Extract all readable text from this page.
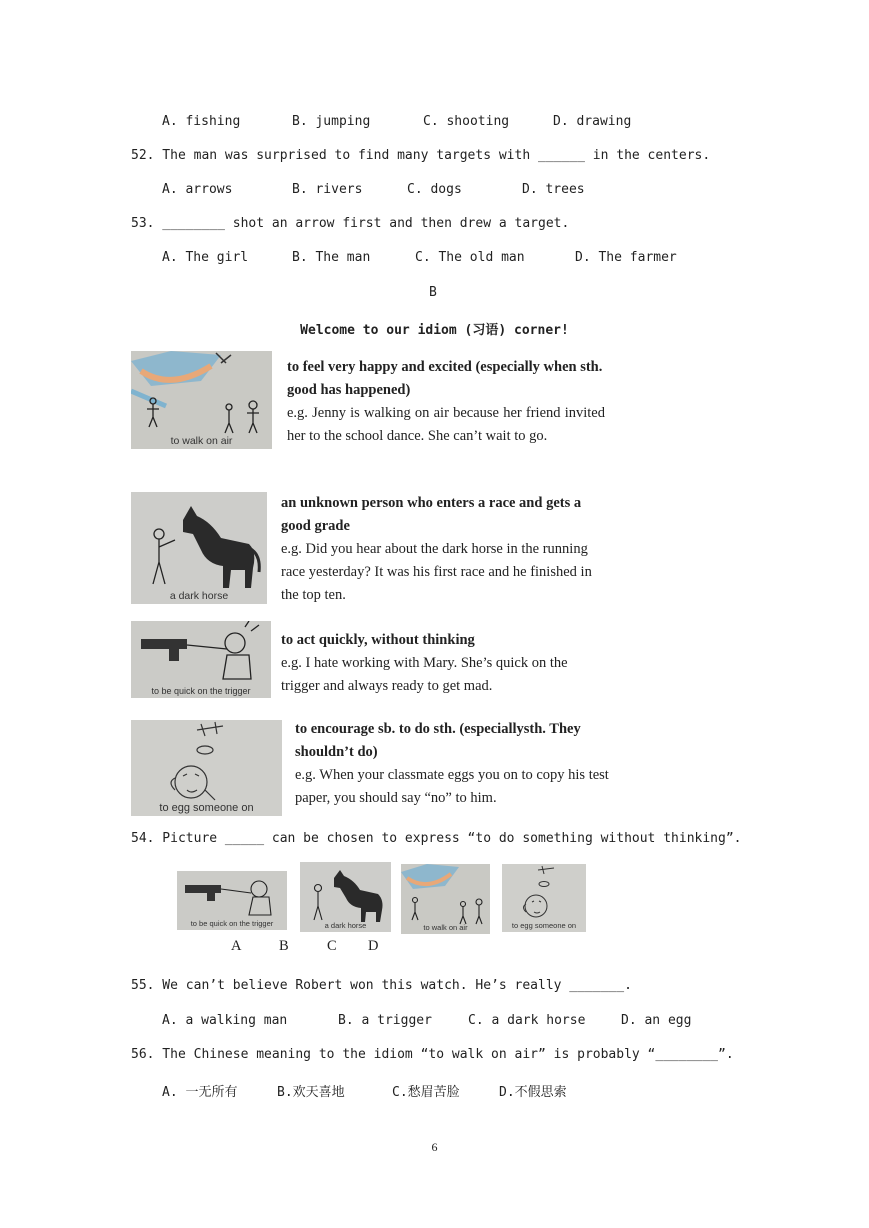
A. fishing	B. jumping	C. shooting	D. drawing
52. The man was surprised to find many targets with ______ in the centers.
A. arrows	B. rivers	C. dogs	D. trees
53. ________ shot an arrow first and then drew a target.
A. The girl	B. The man	C. The old man	D. The farmer
B
Welcome to our idiom (习语) corner!
to walk on air
to feel very happy and excited (especially when sth. good has happened)
e.g. Jenny is walking on air because her friend invited her to the school dance. She can’t wait to go.
a dark horse
an unknown person who enters a race and gets a good grade
e.g. Did you hear about the dark horse in the running race yesterday? It was his first race and he finished in the top ten.
to be quick on the trigger
to act quickly, without thinking
e.g. I hate working with Mary. She’s quick on the trigger and always ready to get mad.
to egg someone on
to encourage sb. to do sth. (especiallysth. They shouldn’t do)
e.g. When your classmate eggs you on to copy his test paper, you should say “no” to him.
54. Picture _____ can be chosen to express “to do something without thinking”.
to be quick on the trigger	a dark horse	to walk on air	to egg someone on
A	B	C D
55. We can’t believe Robert won this watch. He’s really _______.
A. a walking man	B. a trigger	C. a dark horse	D. an egg
56. The Chinese meaning to the idiom “to walk on air” is probably “________”.
A. 一无所有	B.欢天喜地	C.愁眉苦脸	D.不假思索
6
